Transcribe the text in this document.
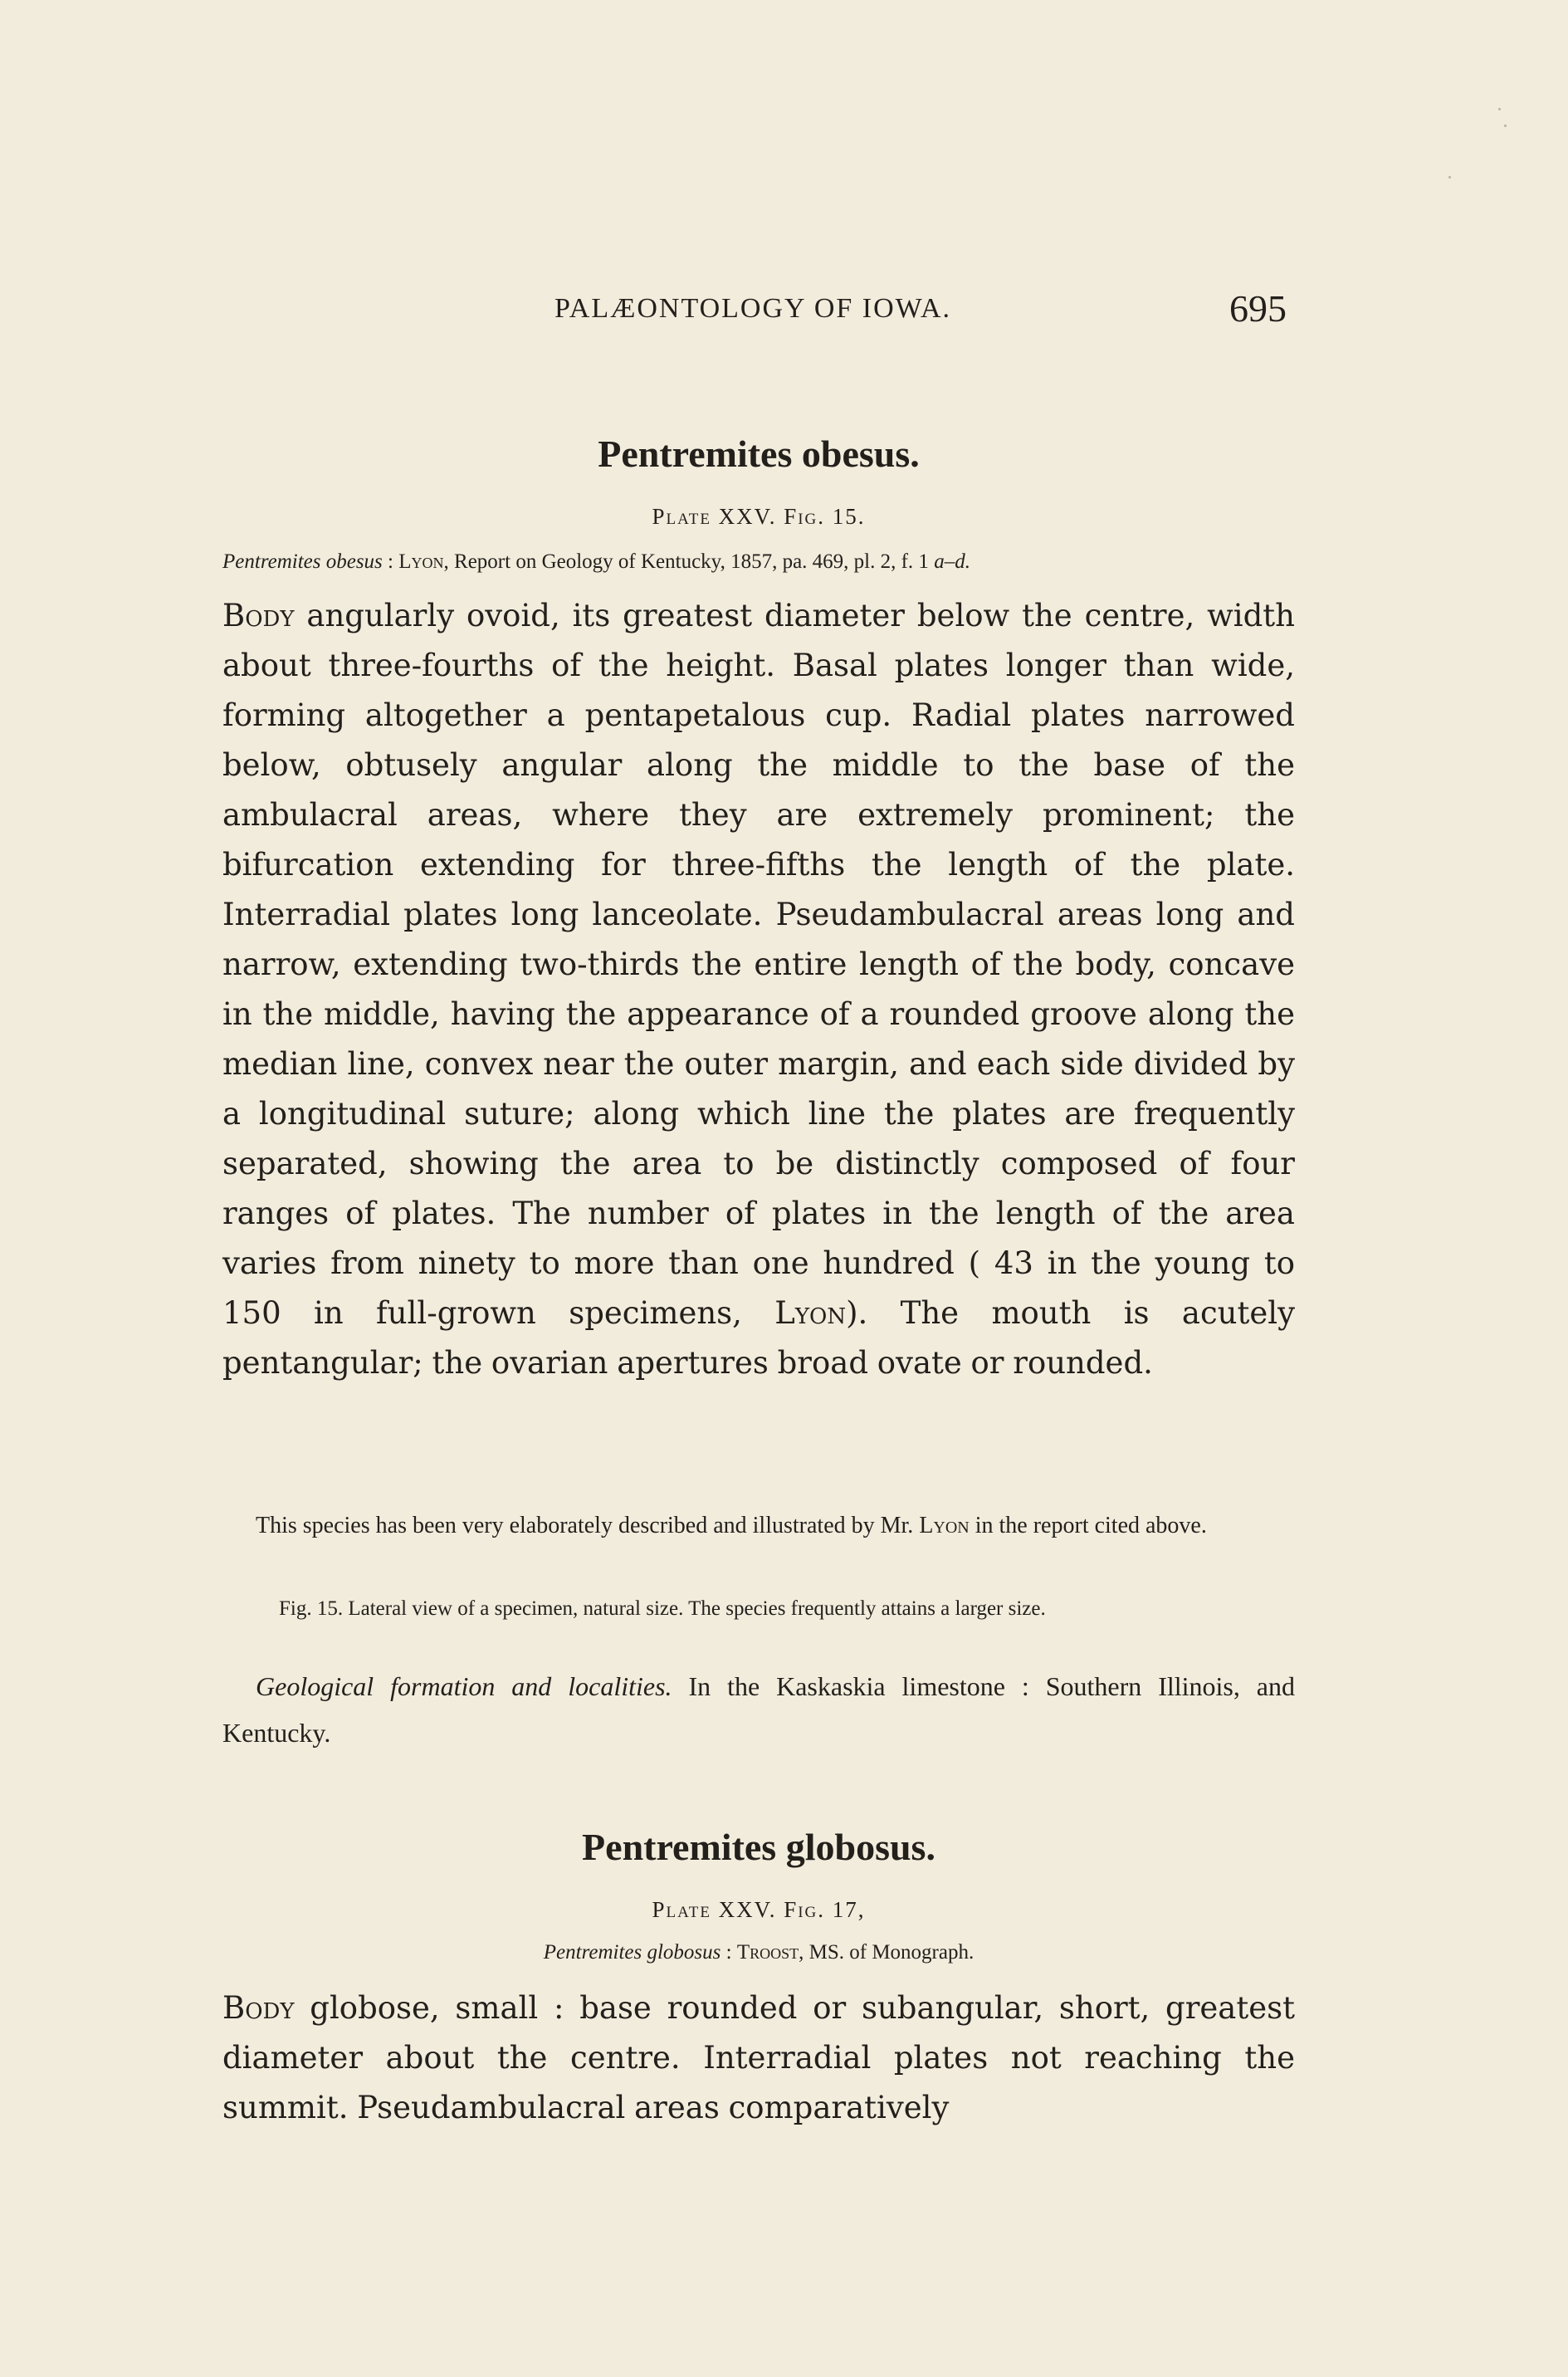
PALÆONTOLOGY OF IOWA.	695
Pentremites obesus.

Plate XXV. Fig. 15.

Pentremites obesus : Lyon, Report on Geology of Kentucky, 1857, pa. 469, pl. 2, f. 1 a–d.

Body angularly ovoid, its greatest diameter below the centre, width about three-fourths of the height. Basal plates longer than wide, forming altogether a pentapetalous cup. Radial plates narrowed below, obtusely angular along the middle to the base of the ambulacral areas, where they are extremely prominent; the bifurcation extending for three-fifths the length of the plate. Interradial plates long lanceolate. Pseudambulacral areas long and narrow, extending two-thirds the entire length of the body, concave in the middle, having the appearance of a rounded groove along the median line, convex near the outer margin, and each side divided by a longitudinal suture; along which line the plates are frequently separated, showing the area to be distinctly composed of four ranges of plates. The number of plates in the length of the area varies from ninety to more than one hundred ( 43 in the young to 150 in full-grown specimens, Lyon). The mouth is acutely pentangular; the ovarian apertures broad ovate or rounded.

This species has been very elaborately described and illustrated by Mr. Lyon in the report cited above.

Fig. 15. Lateral view of a specimen, natural size. The species frequently attains a larger size.

Geological formation and localities. In the Kaskaskia limestone : Southern Illinois, and Kentucky.

Pentremites globosus.

Plate XXV. Fig. 17,

Pentremites globosus : Troost, MS. of Monograph.

Body globose, small : base rounded or subangular, short, greatest diameter about the centre. Interradial plates not reaching the summit. Pseudambulacral areas comparatively
